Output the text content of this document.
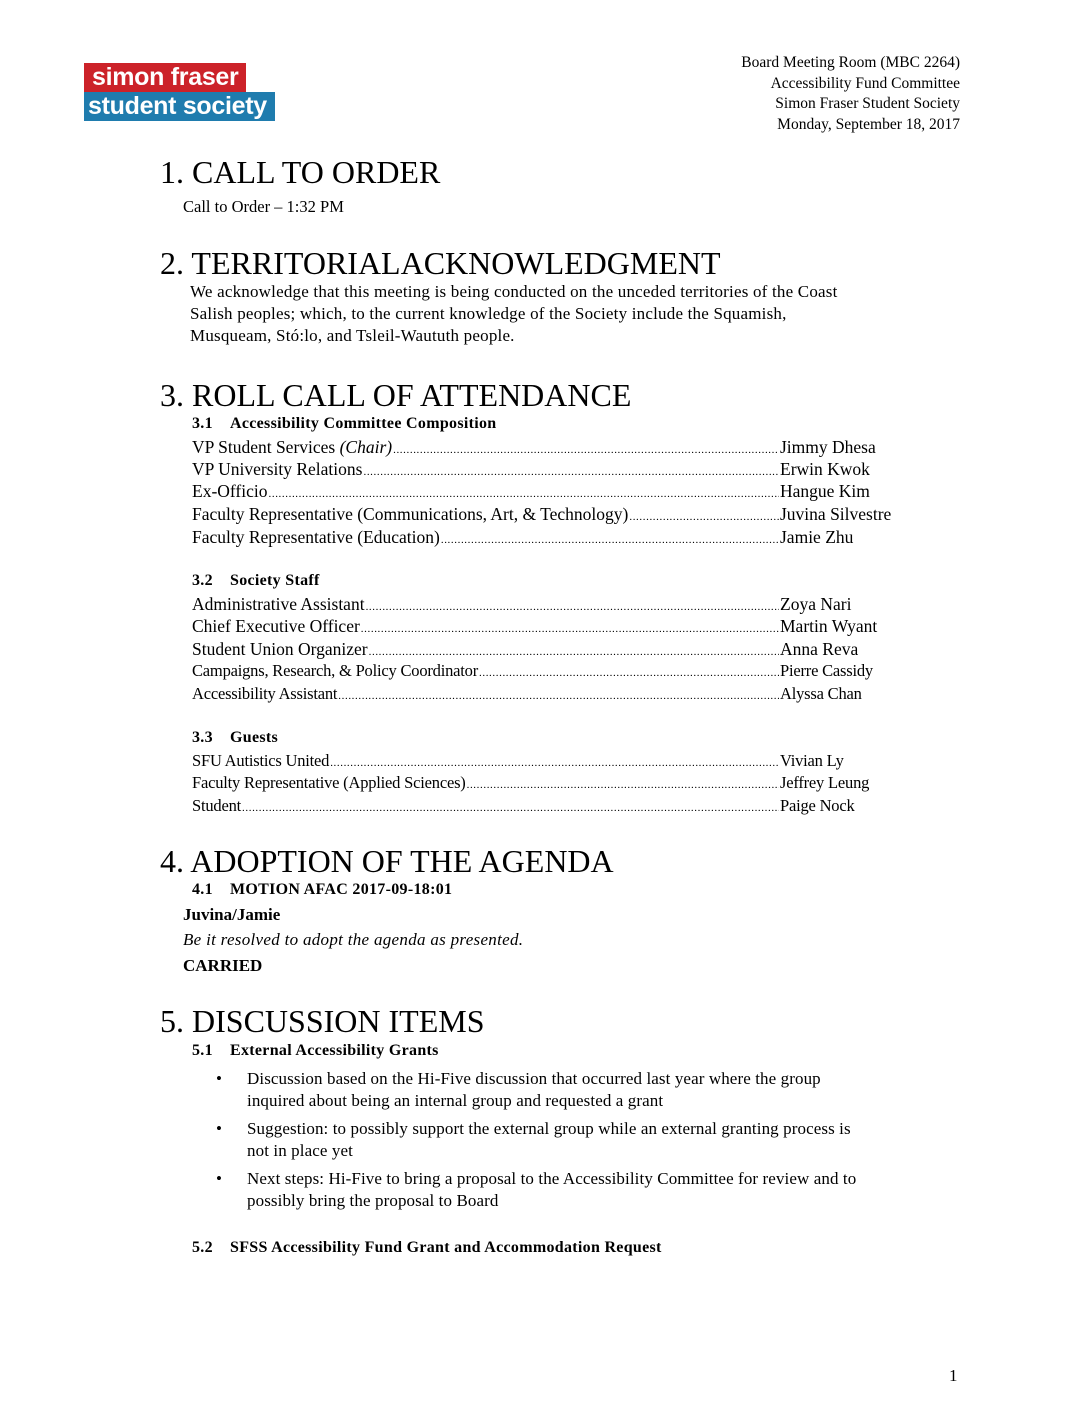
simon fraser
student society
Board Meeting Room (MBC 2264)
Accessibility Fund Committee
Simon Fraser Student Society
Monday, September 18, 2017
1. CALL TO ORDER
Call to Order – 1:32 PM
2. TERRITORIALACKNOWLEDGMENT
We acknowledge that this meeting is being conducted on the unceded territories of the Coast
Salish peoples; which, to the current knowledge of the Society include the Squamish,
Musqueam, Stó:lo, and Tsleil-Waututh people.
3. ROLL CALL OF ATTENDANCE
3.1 Accessibility Committee Composition
VP Student Services (Chair) .....	Jimmy Dhesa
VP University Relations .....	Erwin Kwok
Ex-Officio .....	Hangue Kim
Faculty Representative (Communications, Art, & Technology) .....	Juvina Silvestre
Faculty Representative (Education) .....	Jamie Zhu
3.2 Society Staff
Administrative Assistant .....	Zoya Nari
Chief Executive Officer .....	Martin Wyant
Student Union Organizer .....	Anna Reva
Campaigns, Research, & Policy Coordinator .....	Pierre Cassidy
Accessibility Assistant .....	Alyssa Chan
3.3 Guests
SFU Autistics United .....	Vivian Ly
Faculty Representative (Applied Sciences) .....	Jeffrey Leung
Student .....	Paige Nock
4. ADOPTION OF THE AGENDA
4.1 MOTION AFAC 2017-09-18:01
Juvina/Jamie
Be it resolved to adopt the agenda as presented.
CARRIED
5. DISCUSSION ITEMS
5.1 External Accessibility Grants
• Discussion based on the Hi-Five discussion that occurred last year where the group
inquired about being an internal group and requested a grant
• Suggestion: to possibly support the external group while an external granting process is
not in place yet
• Next steps: Hi-Five to bring a proposal to the Accessibility Committee for review and to
possibly bring the proposal to Board
5.2 SFSS Accessibility Fund Grant and Accommodation Request
1
